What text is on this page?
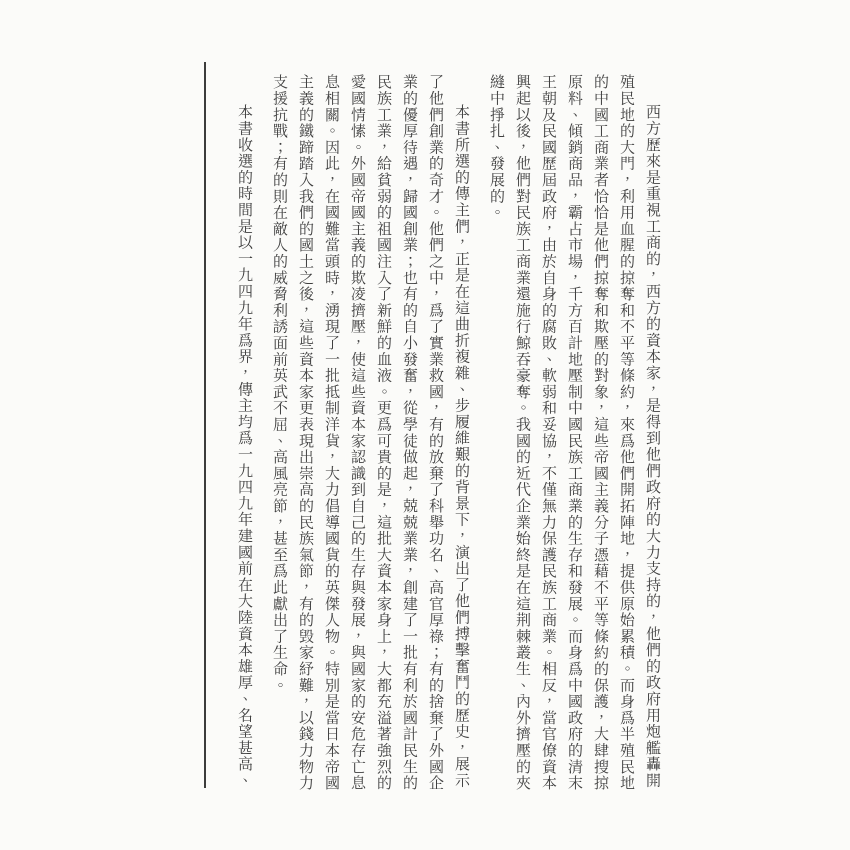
西方歷來是重視工商的，西方的資本家，是得到他們政府的大力支持的，他們的政府用炮艦轟開殖民地的大門，利用血腥的掠奪和不平等條約，來爲他們開拓陣地，提供原始累積。而身爲半殖民地的中國工商業者恰恰是他們掠奪和欺壓的對象，這些帝國主義分子憑藉不平等條約的保護，大肆搜掠原料、傾銷商品，霸占市場，千方百計地壓制中國民族工商業的生存和發展。而身爲中國政府的清末王朝及民國歷屆政府，由於自身的腐敗、軟弱和妥協，不僅無力保護民族工商業。相反，當官僚資本興起以後，他們對民族工商業還施行鯨吞豪奪。我國的近代企業始終是在這荆棘叢生、內外擠壓的夾縫中掙扎、發展的。

本書所選的傳主們，正是在這曲折複雜、步履維艱的背景下，演出了他們搏擊奮鬥的歷史，展示了他們創業的奇才。他們之中，爲了實業救國，有的放棄了科舉功名、高官厚祿；有的捨棄了外國企業的優厚待遇，歸國創業；也有的自小發奮，從學徒做起，兢兢業業，創建了一批有利於國計民生的民族工業，給貧弱的祖國注入了新鮮的血液。更爲可貴的是，這批大資本家身上，大都充溢著強烈的愛國情愫。外國帝國主義的欺凌擠壓，使這些資本家認識到自己的生存與發展，與國家的安危存亡息息相關。因此，在國難當頭時，湧現了一批抵制洋貨，大力倡導國貨的英傑人物。特別是當日本帝國主義的鐵蹄踏入我們的國土之後，這些資本家更表現出崇高的民族氣節，有的毁家紓難，以錢力物力支援抗戰；有的則在敵人的威脅利誘面前英武不屈、高風亮節，甚至爲此獻出了生命。

本書收選的時間是以一九四九年爲界，傳主均爲一九四九年建國前在大陸資本雄厚、名望甚高、
